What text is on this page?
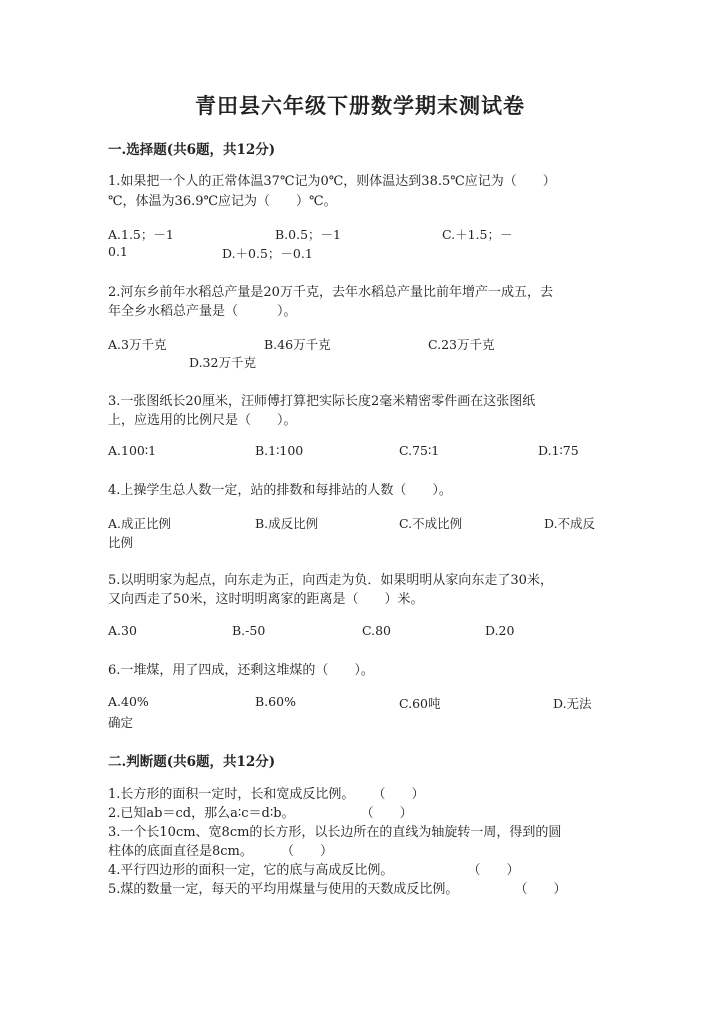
青田县六年级下册数学期末测试卷
一.选择题(共6题，共12分)
1.如果把一个人的正常体温37℃记为0℃，则体温达到38.5℃应记为（　　）
℃，体温为36.9℃应记为（　　）℃。
A.1.5；－1	B.0.5；－1	C.＋1.5；－
0.1	D.＋0.5；－0.1
2.河东乡前年水稻总产量是20万千克，去年水稻总产量比前年增产一成五，去
年全乡水稻总产量是（　　　）。
A.3万千克	B.46万千克	C.23万千克
D.32万千克
3.一张图纸长20厘米，汪师傅打算把实际长度2毫米精密零件画在这张图纸
上，应选用的比例尺是（　　）。
A.100∶1	B.1∶100	C.75∶1	D.1∶75
4.上操学生总人数一定，站的排数和每排站的人数（　　）。
A.成正比例	B.成反比例	C.不成比例	D.不成反
比例
5.以明明家为起点，向东走为正，向西走为负．如果明明从家向东走了30米，
又向西走了50米，这时明明离家的距离是（　　）米。
A.30	B.-50	C.80	D.20
6.一堆煤，用了四成，还剩这堆煤的（　　）。
A.40%	B.60%	C.60吨	D.无法
确定
二.判断题(共6题，共12分)
1.长方形的面积一定时，长和宽成反比例。 （　　）
2.已知ab＝cd，那么a∶c＝d∶b。	（　　）
3.一个长10cm、宽8cm的长方形，以长边所在的直线为轴旋转一周，得到的圆
柱体的底面直径是8cm。 （　　）
4.平行四边形的面积一定，它的底与高成反比例。	（　　）
5.煤的数量一定，每天的平均用煤量与使用的天数成反比例。	（　　）
